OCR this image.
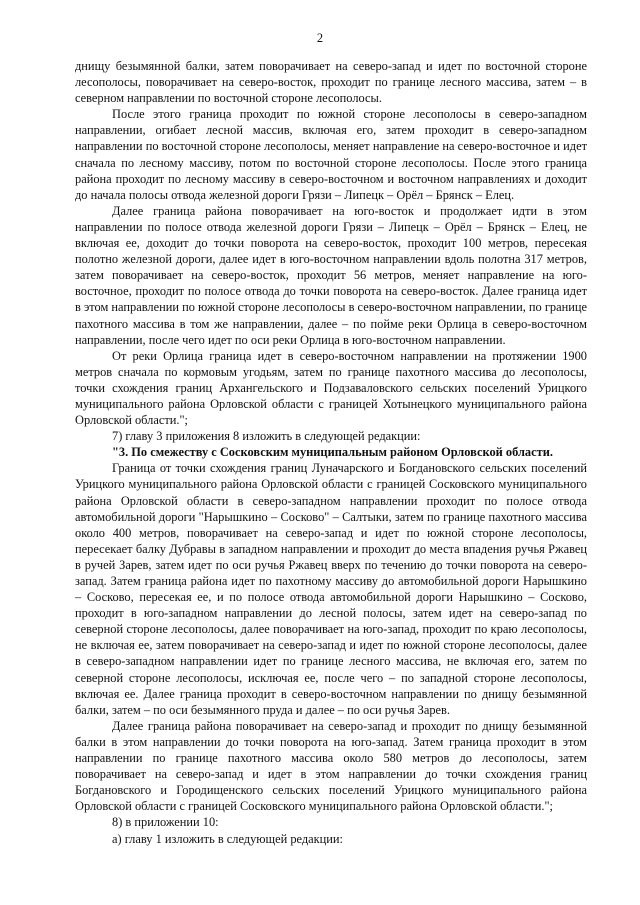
2

днищу безымянной балки, затем поворачивает на северо-запад и идет по восточной стороне лесополосы, поворачивает на северо-восток, проходит по границе лесного массива, затем – в северном направлении по восточной стороне лесополосы.

После этого граница проходит по южной стороне лесополосы в северо-западном направлении, огибает лесной массив, включая его, затем проходит в северо-западном направлении по восточной стороне лесополосы, меняет направление на северо-восточное и идет сначала по лесному массиву, потом по восточной стороне лесополосы. После этого граница района проходит по лесному массиву в северо-восточном и восточном направлениях и доходит до начала полосы отвода железной дороги Грязи – Липецк – Орёл – Брянск – Елец.

Далее граница района поворачивает на юго-восток и продолжает идти в этом направлении по полосе отвода железной дороги Грязи – Липецк – Орёл – Брянск – Елец, не включая ее, доходит до точки поворота на северо-восток, проходит 100 метров, пересекая полотно железной дороги, далее идет в юго-восточном направлении вдоль полотна 317 метров, затем поворачивает на северо-восток, проходит 56 метров, меняет направление на юго-восточное, проходит по полосе отвода до точки поворота на северо-восток. Далее граница идет в этом направлении по южной стороне лесополосы в северо-восточном направлении, по границе пахотного массива в том же направлении, далее – по пойме реки Орлица в северо-восточном направлении, после чего идет по оси реки Орлица в юго-восточном направлении.

От реки Орлица граница идет в северо-восточном направлении на протяжении 1900 метров сначала по кормовым угодьям, затем по границе пахотного массива до лесополосы, точки схождения границ Архангельского и Подзаваловского сельских поселений Урицкого муниципального района Орловской области с границей Хотынецкого муниципального района Орловской области.";

7) главу 3 приложения 8 изложить в следующей редакции:

"3. По смежеству с Сосковским муниципальным районом Орловской области.

Граница от точки схождения границ Луначарского и Богдановского сельских поселений Урицкого муниципального района Орловской области с границей Сосковского муниципального района Орловской области в северо-западном направлении проходит по полосе отвода автомобильной дороги "Нарышкино – Сосково" – Салтыки, затем по границе пахотного массива около 400 метров, поворачивает на северо-запад и идет по южной стороне лесополосы, пересекает балку Дубравы в западном направлении и проходит до места впадения ручья Ржавец в ручей Зарев, затем идет по оси ручья Ржавец вверх по течению до точки поворота на северо-запад. Затем граница района идет по пахотному массиву до автомобильной дороги Нарышкино – Сосково, пересекая ее, и по полосе отвода автомобильной дороги Нарышкино – Сосково, проходит в юго-западном направлении до лесной полосы, затем идет на северо-запад по северной стороне лесополосы, далее поворачивает на юго-запад, проходит по краю лесополосы, не включая ее, затем поворачивает на северо-запад и идет по южной стороне лесополосы, далее в северо-западном направлении идет по границе лесного массива, не включая его, затем по северной стороне лесополосы, исключая ее, после чего – по западной стороне лесополосы, включая ее. Далее граница проходит в северо-восточном направлении по днищу безымянной балки, затем – по оси безымянного пруда и далее – по оси ручья Зарев.

Далее граница района поворачивает на северо-запад и проходит по днищу безымянной балки в этом направлении до точки поворота на юго-запад. Затем граница проходит в этом направлении по границе пахотного массива около 580 метров до лесополосы, затем поворачивает на северо-запад и идет в этом направлении до точки схождения границ Богдановского и Городищенского сельских поселений Урицкого муниципального района Орловской области с границей Сосковского муниципального района Орловской области.";

8) в приложении 10:

а) главу 1 изложить в следующей редакции:
